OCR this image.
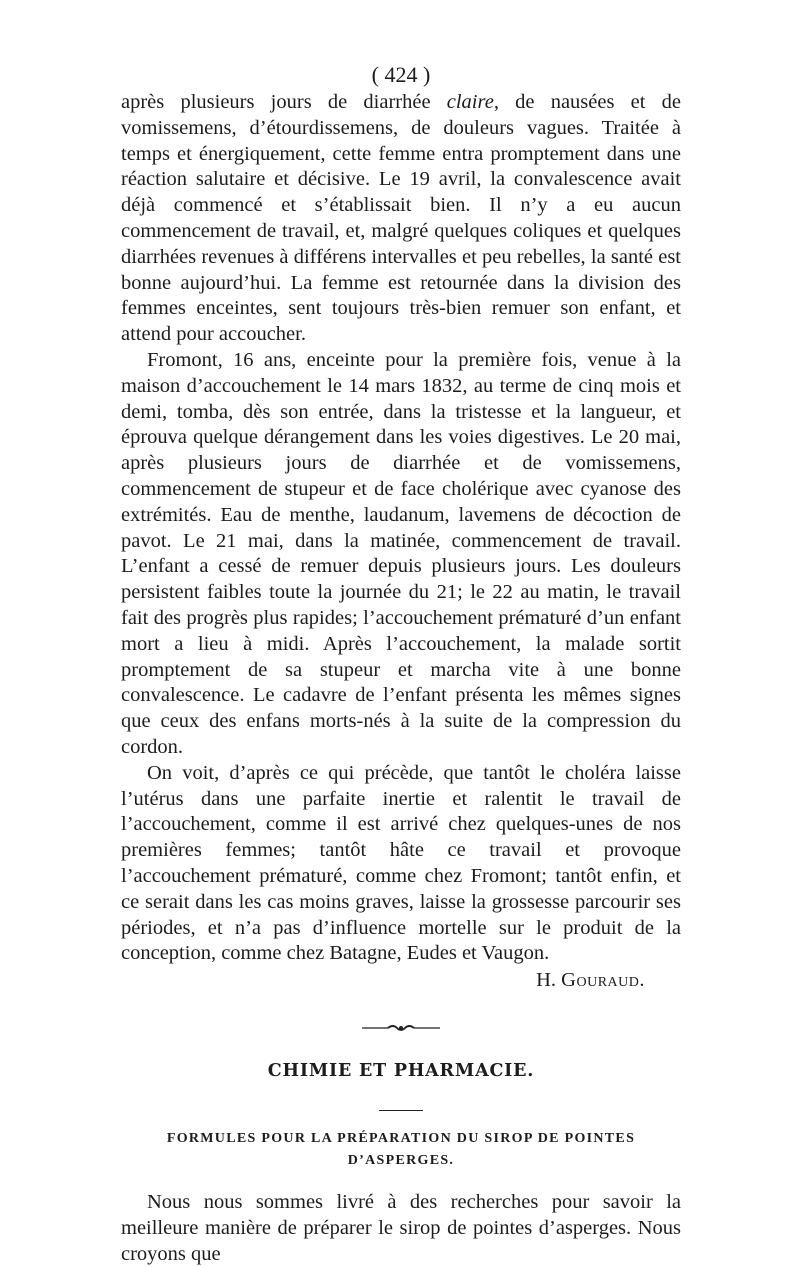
( 424 )

après plusieurs jours de diarrhée claire, de nausées et de vomissemens, d’étourdissemens, de douleurs vagues. Traitée à temps et énergiquement, cette femme entra promptement dans une réaction salutaire et décisive. Le 19 avril, la convalescence avait déjà commencé et s’établissait bien. Il n’y a eu aucun commencement de travail, et, malgré quelques coliques et quelques diarrhées revenues à différens intervalles et peu rebelles, la santé est bonne aujourd’hui. La femme est retournée dans la division des femmes enceintes, sent toujours très-bien remuer son enfant, et attend pour accoucher.

Fromont, 16 ans, enceinte pour la première fois, venue à la maison d’accouchement le 14 mars 1832, au terme de cinq mois et demi, tomba, dès son entrée, dans la tristesse et la langueur, et éprouva quelque dérangement dans les voies digestives. Le 20 mai, après plusieurs jours de diarrhée et de vomissemens, commencement de stupeur et de face cholérique avec cyanose des extrémités. Eau de menthe, laudanum, lavemens de décoction de pavot. Le 21 mai, dans la matinée, commencement de travail. L’enfant a cessé de remuer depuis plusieurs jours. Les douleurs persistent faibles toute la journée du 21; le 22 au matin, le travail fait des progrès plus rapides; l’accouchement prématuré d’un enfant mort a lieu à midi. Après l’accouchement, la malade sortit promptement de sa stupeur et marcha vite à une bonne convalescence. Le cadavre de l’enfant présenta les mêmes signes que ceux des enfans morts-nés à la suite de la compression du cordon.

On voit, d’après ce qui précède, que tantôt le choléra laisse l’utérus dans une parfaite inertie et ralentit le travail de l’accouchement, comme il est arrivé chez quelques-unes de nos premières femmes; tantôt hâte ce travail et provoque l’accouchement prématuré, comme chez Fromont; tantôt enfin, et ce serait dans les cas moins graves, laisse la grossesse parcourir ses périodes, et n’a pas d’influence mortelle sur le produit de la conception, comme chez Batagne, Eudes et Vaugon.

H. Gouraud.

CHIMIE ET PHARMACIE.
FORMULES POUR LA PRÉPARATION DU SIROP DE POINTES
D’ASPERGES.

Nous nous sommes livré à des recherches pour savoir la meilleure manière de préparer le sirop de pointes d’asperges. Nous croyons que
